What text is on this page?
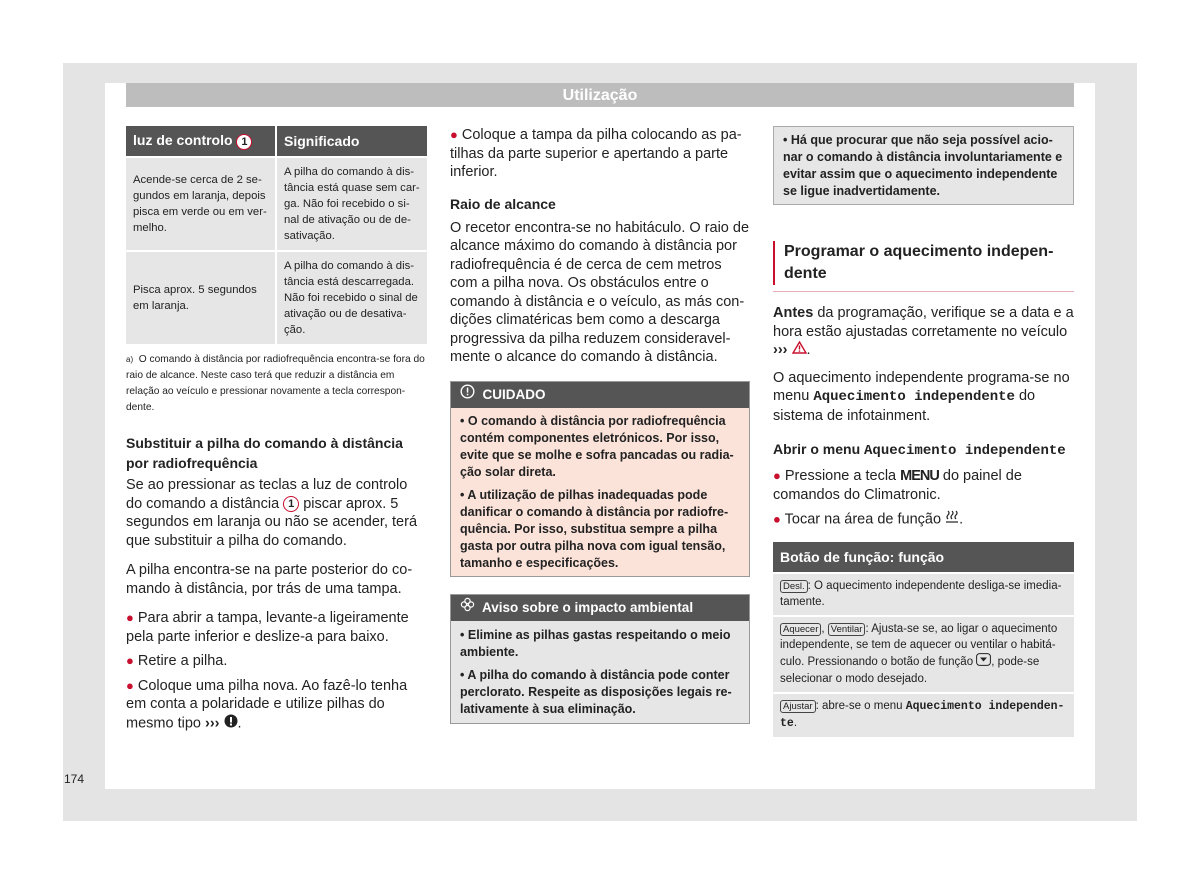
Utilização
luz de controlo 1	Significado
Acende-se cerca de 2 segundos em laranja, depois pisca em verde ou em vermelho.	A pilha do comando à distância está quase sem carga. Não foi recebido o sinal de ativação ou de desativação.
Pisca aprox. 5 segundos em laranja.	A pilha do comando à distância está descarregada. Não foi recebido o sinal de ativação ou de desativação.
$^{a)}$ O comando à distância por radiofrequência encontra-se fora do raio de alcance. Neste caso terá que reduzir a distância em relação ao veículo e pressionar novamente a tecla correspondente.
Substituir a pilha do comando à distância por radiofrequência

Se ao pressionar as teclas a luz de controlo do comando a distância 1 piscar aprox. 5 segundos em laranja ou não se acender, terá que substituir a pilha do comando.

A pilha encontra-se na parte posterior do comando à distância, por trás de uma tampa.

● Para abrir a tampa, levante-a ligeiramente pela parte inferior e deslize-a para baixo.

● Retire a pilha.

● Coloque uma pilha nova. Ao fazê-lo tenha em conta a polaridade e utilize pilhas do mesmo tipo ››› .

● Coloque a tampa da pilha colocando as patilhas da parte superior e apertando a parte inferior.

Raio de alcance

O recetor encontra-se no habitáculo. O raio de alcance máximo do comando à distância por radiofrequência é de cerca de cem metros com a pilha nova. Os obstáculos entre o comando à distância e o veículo, as más condições climatéricas bem como a descarga progressiva da pilha reduzem consideravelmente o alcance do comando à distância.

CUIDADO
• O comando à distância por radiofrequência contém componentes eletrónicos. Por isso, evite que se molhe e sofra pancadas ou radiação solar direta.
• A utilização de pilhas inadequadas pode danificar o comando à distância por radiofrequência. Por isso, substitua sempre a pilha gasta por outra pilha nova com igual tensão, tamanho e especificações.
Aviso sobre o impacto ambiental
• Elimine as pilhas gastas respeitando o meio ambiente.
• A pilha do comando à distância pode conter perclorato. Respeite as disposições legais relativamente à sua eliminação.
• Há que procurar que não seja possível acionar o comando à distância involuntariamente e evitar assim que o aquecimento independente se ligue inadvertidamente.
Programar o aquecimento independente

Antes da programação, verifique se a data e a hora estão ajustadas corretamente no veículo ››› .

O aquecimento independente programa-se no menu Aquecimento independente do sistema de infotainment.

Abrir o menu Aquecimento independente

● Pressione a tecla MENU do painel de comandos do Climatronic.

● Tocar na área de função .

Botão de função: função
Desl. : O aquecimento independente desliga-se imediatamente.
Aquecer , Ventilar : Ajusta-se se, ao ligar o aquecimento independente, se tem de aquecer ou ventilar o habitáculo. Pressionando o botão de função , pode-se selecionar o modo desejado.
Ajustar : abre-se o menu Aquecimento independente.
174
